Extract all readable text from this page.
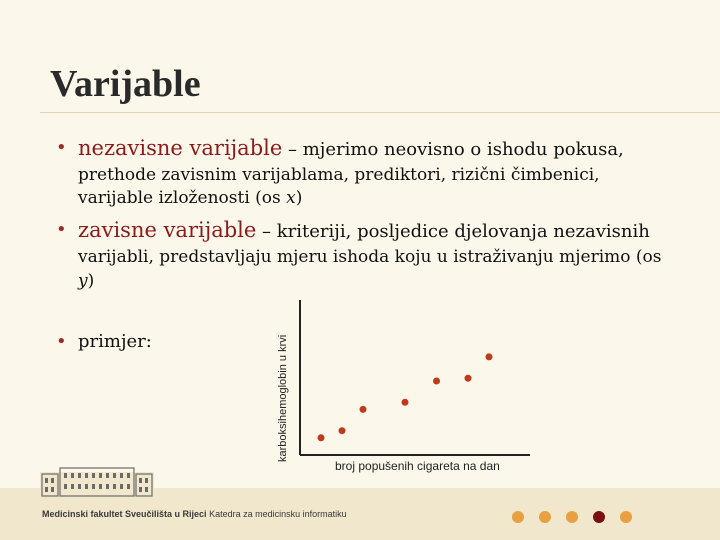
Varijable
• nezavisne varijable – mjerimo neovisno o ishodu pokusa,
prethode zavisnim varijablama, prediktori, rizični čimbenici,
varijable izloženosti (os x)
• zavisne varijable – kriteriji, posljedice djelovanja nezavisnih
varijabli, predstavljaju mjeru ishoda koju u istraživanju mjerimo (os
y)
• primjer:	karboksihemoglobin u krvi
broj popušenih cigareta na dan
Medicinski fakultet Sveučilišta u Rijeci Katedra za medicinsku informatiku
